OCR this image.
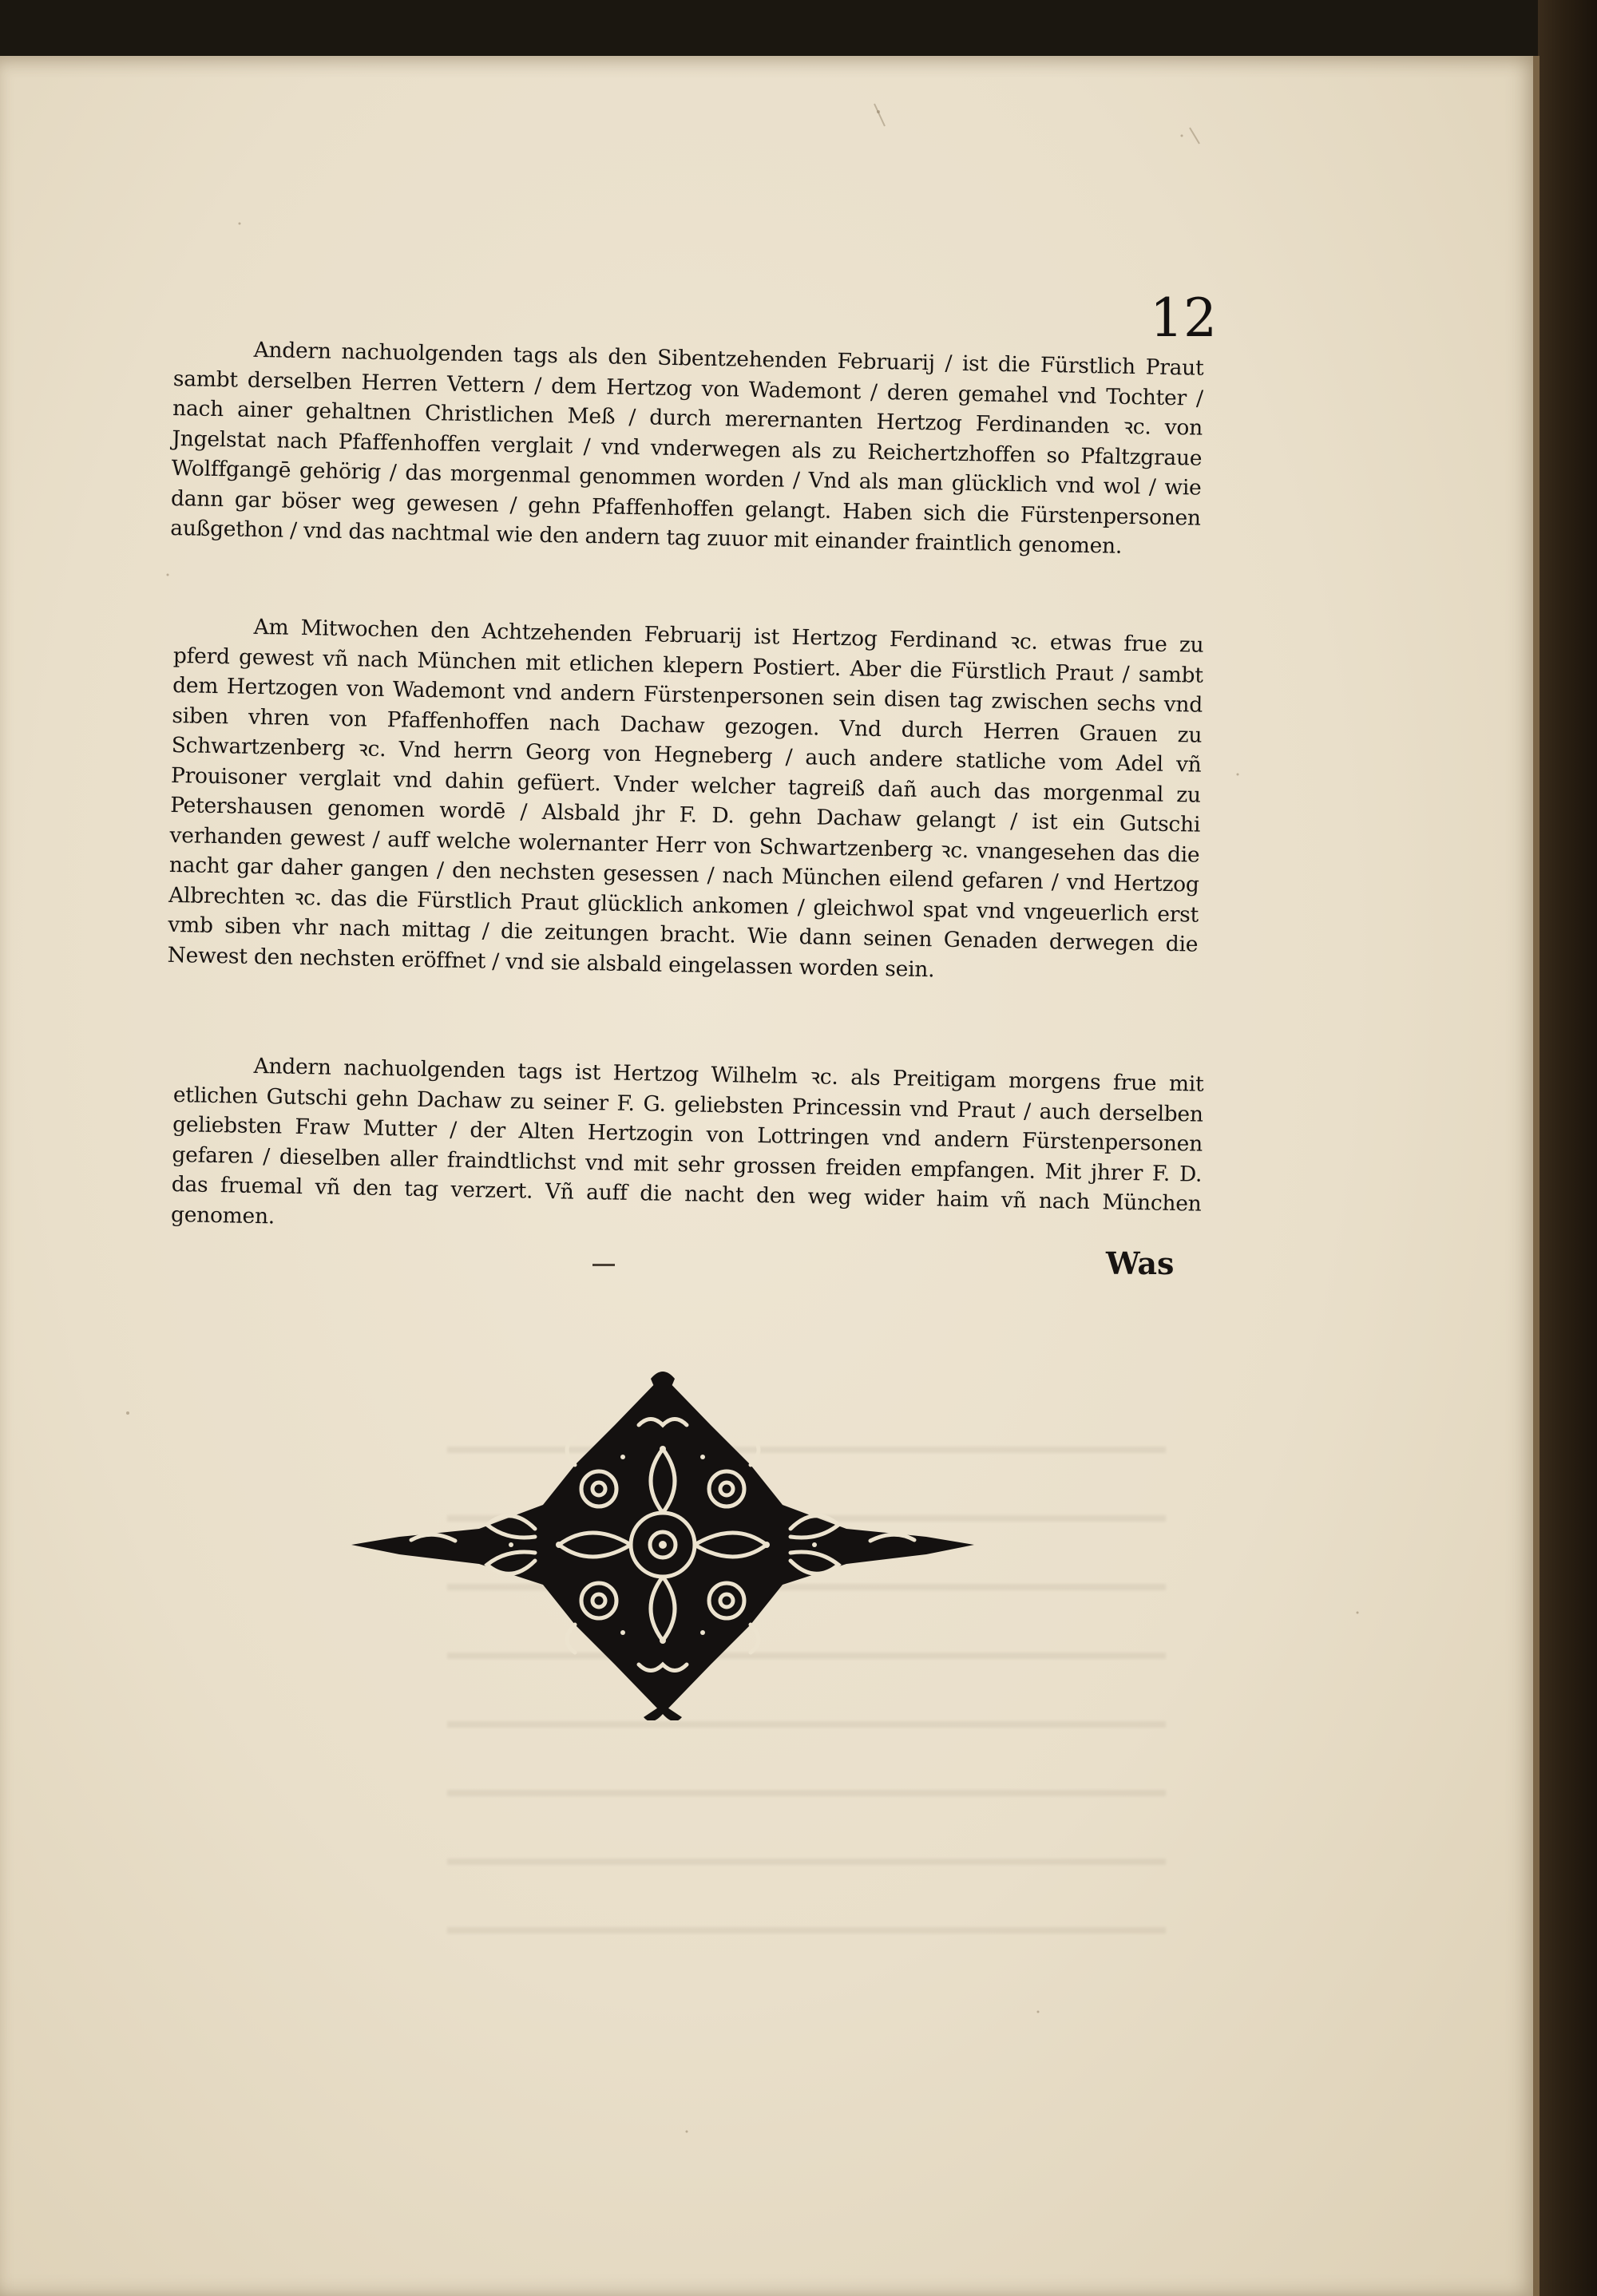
12

Andern nachuolgenden tags als den Sibentzehenden Februarij / ist die Fürstlich Praut sambt derselben Herren Vettern / dem Hertzog von Wademont / deren gemahel vnd Tochter / nach ainer gehaltnen Christlichen Meß / durch merernanten Hertzog Ferdinanden ꝛc. von Jngelstat nach Pfaffenhoffen verglait / vnd vnderwegen als zu Reichertzhoffen so Pfaltzgraue Wolffgangē gehörig / das morgenmal genommen worden / Vnd als man glücklich vnd wol / wie dann gar böser weg gewesen / gehn Pfaffenhoffen gelangt. Haben sich die Fürstenpersonen außgethon / vnd das nachtmal wie den andern tag zuuor mit einander fraintlich genomen.

Am Mitwochen den Achtzehenden Februarij ist Hertzog Ferdinand ꝛc. etwas frue zu pferd gewest vñ nach München mit etlichen klepern Postiert. Aber die Fürstlich Praut / sambt dem Hertzogen von Wademont vnd andern Fürstenpersonen sein disen tag zwischen sechs vnd siben vhren von Pfaffenhoffen nach Dachaw gezogen. Vnd durch Herren Grauen zu Schwartzenberg ꝛc. Vnd herrn Georg von Hegneberg / auch andere statliche vom Adel vñ Prouisoner verglait vnd dahin gefüert. Vnder welcher tagreiß dañ auch das morgenmal zu Petershausen genomen wordē / Alsbald jhr F. D. gehn Dachaw gelangt / ist ein Gutschi verhanden gewest / auff welche wolernanter Herr von Schwartzenberg ꝛc. vnangesehen das die nacht gar daher gangen / den nechsten gesessen / nach München eilend gefaren / vnd Hertzog Albrechten ꝛc. das die Fürstlich Praut glücklich ankomen / gleichwol spat vnd vngeuerlich erst vmb siben vhr nach mittag / die zeitungen bracht. Wie dann seinen Genaden derwegen die Newest den nechsten eröffnet / vnd sie alsbald eingelassen worden sein.

Andern nachuolgenden tags ist Hertzog Wilhelm ꝛc. als Preitigam morgens frue mit etlichen Gutschi gehn Dachaw zu seiner F. G. geliebsten Princessin vnd Praut / auch derselben geliebsten Fraw Mutter / der Alten Hertzogin von Lottringen vnd andern Fürstenpersonen gefaren / dieselben aller fraindtlichst vnd mit sehr grossen freiden empfangen. Mit jhrer F. D. das fruemal vñ den tag verzert. Vñ auff die nacht den weg wider haim vñ nach München genomen.

Was
